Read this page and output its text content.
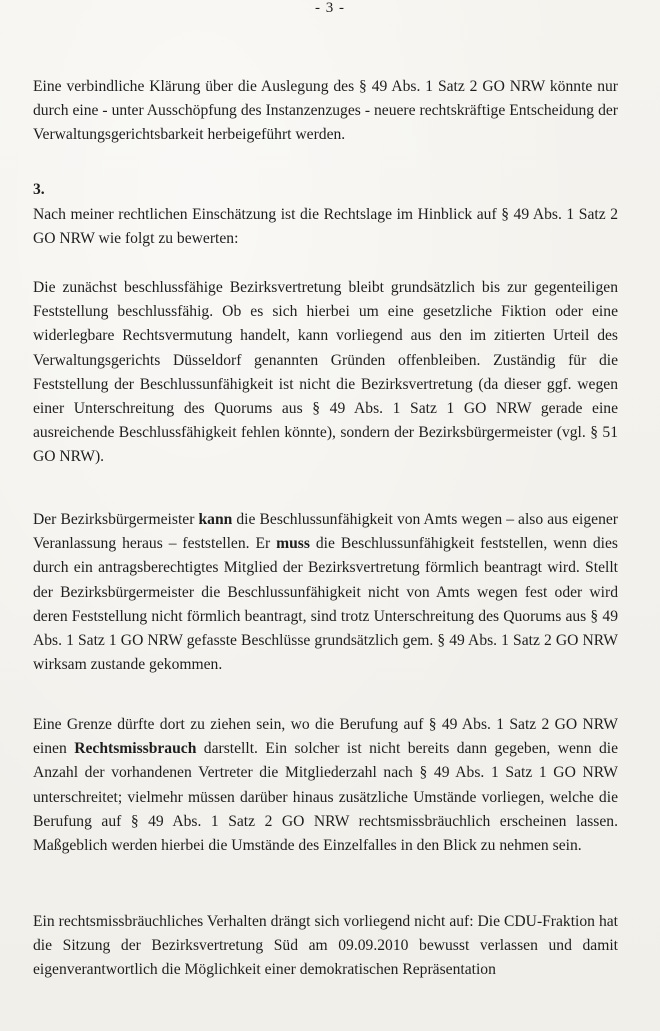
- 3 -

Eine verbindliche Klärung über die Auslegung des § 49 Abs. 1 Satz 2 GO NRW könnte nur durch eine - unter Ausschöpfung des Instanzenzuges - neuere rechtskräftige Entscheidung der Verwaltungsgerichtsbarkeit herbeigeführt werden.

3.

Nach meiner rechtlichen Einschätzung ist die Rechtslage im Hinblick auf § 49 Abs. 1 Satz 2 GO NRW wie folgt zu bewerten:

Die zunächst beschlussfähige Bezirksvertretung bleibt grundsätzlich bis zur gegenteiligen Feststellung beschlussfähig. Ob es sich hierbei um eine gesetzliche Fiktion oder eine widerlegbare Rechtsvermutung handelt, kann vorliegend aus den im zitierten Urteil des Verwaltungsgerichts Düsseldorf genannten Gründen offenbleiben. Zuständig für die Feststellung der Beschlussunfähigkeit ist nicht die Bezirksvertretung (da dieser ggf. wegen einer Unterschreitung des Quorums aus § 49 Abs. 1 Satz 1 GO NRW gerade eine ausreichende Beschlussfähigkeit fehlen könnte), sondern der Bezirksbürgermeister (vgl. § 51 GO NRW).

Der Bezirksbürgermeister kann die Beschlussunfähigkeit von Amts wegen – also aus eigener Veranlassung heraus – feststellen. Er muss die Beschlussunfähigkeit feststellen, wenn dies durch ein antragsberechtigtes Mitglied der Bezirksvertretung förmlich beantragt wird. Stellt der Bezirksbürgermeister die Beschlussunfähigkeit nicht von Amts wegen fest oder wird deren Feststellung nicht förmlich beantragt, sind trotz Unterschreitung des Quorums aus § 49 Abs. 1 Satz 1 GO NRW gefasste Beschlüsse grundsätzlich gem. § 49 Abs. 1 Satz 2 GO NRW wirksam zustande gekommen.

Eine Grenze dürfte dort zu ziehen sein, wo die Berufung auf § 49 Abs. 1 Satz 2 GO NRW einen Rechtsmissbrauch darstellt. Ein solcher ist nicht bereits dann gegeben, wenn die Anzahl der vorhandenen Vertreter die Mitgliederzahl nach § 49 Abs. 1 Satz 1 GO NRW unterschreitet; vielmehr müssen darüber hinaus zusätzliche Umstände vorliegen, welche die Berufung auf § 49 Abs. 1 Satz 2 GO NRW rechtsmissbräuchlich erscheinen lassen. Maßgeblich werden hierbei die Umstände des Einzelfalles in den Blick zu nehmen sein.

Ein rechtsmissbräuchliches Verhalten drängt sich vorliegend nicht auf: Die CDU-Fraktion hat die Sitzung der Bezirksvertretung Süd am 09.09.2010 bewusst verlassen und damit eigenverantwortlich die Möglichkeit einer demokratischen Repräsentation
